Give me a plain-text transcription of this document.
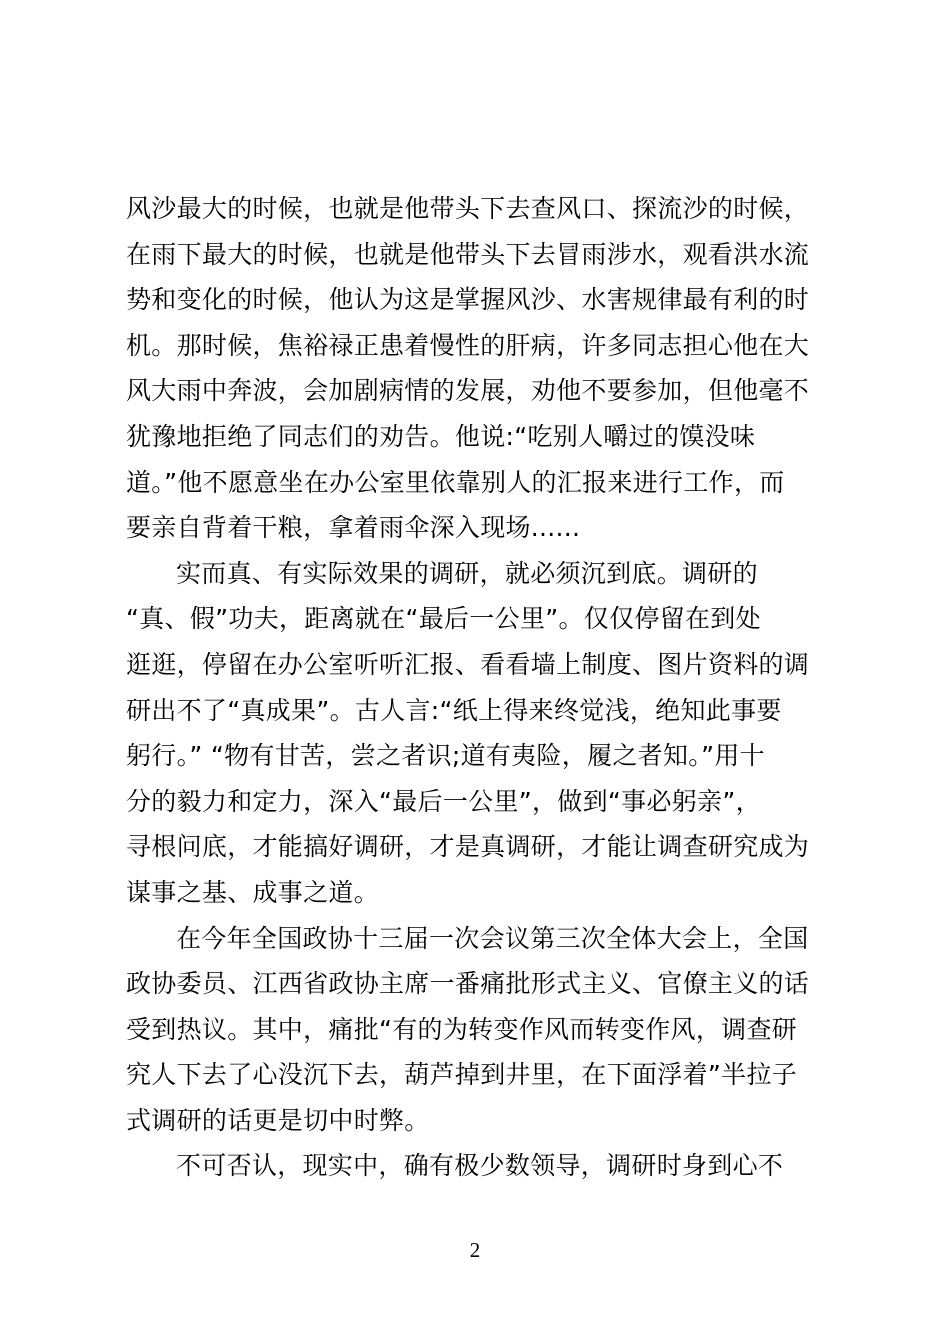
风沙最大的时候，也就是他带头下去查风口、探流沙的时候，
在雨下最大的时候，也就是他带头下去冒雨涉水，观看洪水流
势和变化的时候，他认为这是掌握风沙、水害规律最有利的时
机。那时候，焦裕禄正患着慢性的肝病，许多同志担心他在大
风大雨中奔波，会加剧病情的发展，劝他不要参加，但他毫不
犹豫地拒绝了同志们的劝告。他说:“吃别人嚼过的馍没味
道。”他不愿意坐在办公室里依靠别人的汇报来进行工作，而
要亲自背着干粮，拿着雨伞深入现场......
实而真、有实际效果的调研，就必须沉到底。调研的
“真、假”功夫，距离就在“最后一公里”。仅仅停留在到处
逛逛，停留在办公室听听汇报、看看墙上制度、图片资料的调
研出不了“真成果”。古人言:“纸上得来终觉浅，绝知此事要
躬行。” “物有甘苦，尝之者识;道有夷险，履之者知。”用十
分的毅力和定力，深入“最后一公里”，做到“事必躬亲”，
寻根问底，才能搞好调研，才是真调研，才能让调查研究成为
谋事之基、成事之道。
在今年全国政协十三届一次会议第三次全体大会上，全国
政协委员、江西省政协主席一番痛批形式主义、官僚主义的话
受到热议。其中，痛批“有的为转变作风而转变作风，调查研
究人下去了心没沉下去，葫芦掉到井里，在下面浮着”半拉子
式调研的话更是切中时弊。
不可否认，现实中，确有极少数领导，调研时身到心不
2
